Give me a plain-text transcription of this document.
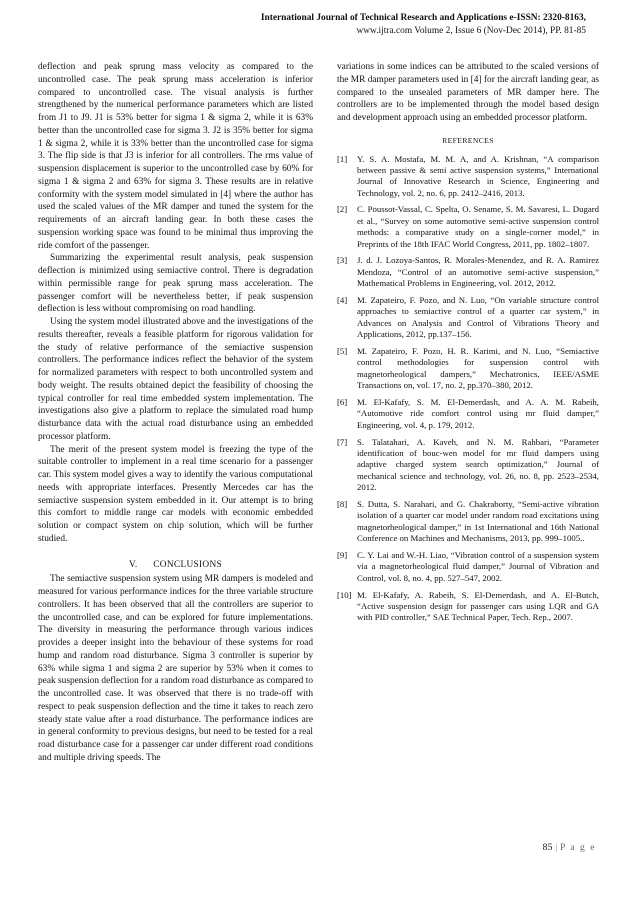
International Journal of Technical Research and Applications e-ISSN: 2320-8163,
www.ijtra.com Volume 2, Issue 6 (Nov-Dec 2014), PP. 81-85

deflection and peak sprung mass velocity as compared to the uncontrolled case. The peak sprung mass acceleration is inferior compared to uncontrolled case. The visual analysis is further strengthened by the numerical performance parameters which are listed from J1 to J9. J1 is 53% better for sigma 1 & sigma 2, while it is 63% better than the uncontrolled case for sigma 3. J2 is 35% better for sigma 1 & sigma 2, while it is 33% better than the uncontrolled case for sigma 3. The flip side is that J3 is inferior for all controllers. The rms value of suspension displacement is superior to the uncontrolled case by 60% for sigma 1 & sigma 2 and 63% for sigma 3. These results are in relative conformity with the system model simulated in [4] where the author has used the scaled values of the MR damper and tuned the system for the requirements of an aircraft landing gear. In both these cases the suspension working space was found to be minimal thus improving the ride comfort of the passenger.

Summarizing the experimental result analysis, peak suspension deflection is minimized using semiactive control. There is degradation within permissible range for peak sprung mass acceleration. The passenger comfort will be nevertheless better, if peak suspension deflection is less without compromising on road handling.

Using the system model illustrated above and the investigations of the results thereafter, reveals a feasible platform for rigorous validation for the study of relative performance of the semiactive suspension controllers. The performance indices reflect the behavior of the system for normalized parameters with respect to both uncontrolled system and body weight. The results obtained depict the feasibility of choosing the typical controller for real time embedded system implementation. The investigations also give a platform to replace the simulated road hump disturbance data with the actual road disturbance using an embedded processor platform.

The merit of the present system model is freezing the type of the suitable controller to implement in a real time scenario for a passenger car. This system model gives a way to identify the various computational needs with appropriate interfaces. Presently Mercedes car has the semiactive suspension system embedded in it. Our attempt is to bring this comfort to middle range car models with economic embedded solution or compact system on chip solution, which will be further studied.

V.      CONCLUSIONS

The semiactive suspension system using MR dampers is modeled and measured for various performance indices for the three variable structure controllers. It has been observed that all the controllers are superior to the uncontrolled case, and can be explored for future implementations. The diversity in measuring the performance through various indices provides a deeper insight into the behaviour of these systems for road hump and random road disturbance. Sigma 3 controller is superior by 63% while sigma 1 and sigma 2 are superior by 53% when it comes to peak suspension deflection for a random road disturbance as compared to the uncontrolled case. It was observed that there is no trade-off with respect to peak suspension deflection and the time it takes to reach zero steady state value after a road disturbance. The performance indices are in general conformity to previous designs, but need to be tested for a real road disturbance case for a passenger car under different road conditions and multiple driving speeds. The

variations in some indices can be attributed to the scaled versions of the MR damper parameters used in [4] for the aircraft landing gear, as compared to the unsealed parameters of MR damper here. The controllers are to be implemented through the model based design and development approach using an embedded processor platform.

REFERENCES

[1]	Y. S. A. Mostafa, M. M. A, and A. Krishnan, “A comparison between passive & semi active suspension systems,” International Journal of Innovative Research in Science, Engineering and Technology, vol. 2, no. 6, pp. 2412–2416, 2013.
[2]	C. Poussot-Vassal, C. Spelta, O. Sename, S. M. Savaresi, L. Dugard et al., “Survey on some automotive semi-active suspension control methods: a comparative study on a single-corner model,” in Preprints of the 18th IFAC World Congress, 2011, pp. 1802–1807.
[3]	J. d. J. Lozoya-Santos, R. Morales-Menendez, and R. A. Ramirez Mendoza, “Control of an automotive semi-active suspension,” Mathematical Problems in Engineering, vol. 2012, 2012.
[4]	M. Zapateiro, F. Pozo, and N. Luo, “On variable structure control approaches to semiactive control of a quarter car system,” in Advances on Analysis and Control of Vibrations Theory and Applications, 2012, pp.137–156.
[5]	M. Zapateiro, F. Pozo, H. R. Karimi, and N. Luo, “Semiactive control methodologies for suspension control with magnetorheological dampers,” Mechatronics, IEEE/ASME Transactions on, vol. 17, no. 2, pp.370–380, 2012.
[6]	M. El-Kafafy, S. M. El-Demerdash, and A. A. M. Rabeih, “Automotive ride comfort control using mr fluid damper,” Engineering, vol. 4, p. 179, 2012.
[7]	S. Talatahari, A. Kaveh, and N. M. Rahbari, “Parameter identification of bouc-wen model for mr fluid dampers using adaptive charged system search optimization,” Journal of mechanical science and technology, vol. 26, no. 8, pp. 2523–2534, 2012.
[8]	S. Dutta, S. Narahari, and G. Chakraborty, “Semi-active vibration isolation of a quarter car model under random road excitations using magnetorheological damper,” in 1st International and 16th National Conference on Machines and Mechanisms, 2013, pp. 999–1005..
[9]	C. Y. Lai and W.-H. Liao, “Vibration control of a suspension system via a magnetorheological fluid damper,” Journal of Vibration and Control, vol. 8, no. 4, pp. 527–547, 2002.
[10] M. El-Kafafy, A. Rabeih, S. El-Demerdash, and A. El-Butch, “Active suspension design for passenger cars using LQR and GA with PID controller,” SAE Technical Paper, Tech. Rep., 2007.
85 | P a g e
